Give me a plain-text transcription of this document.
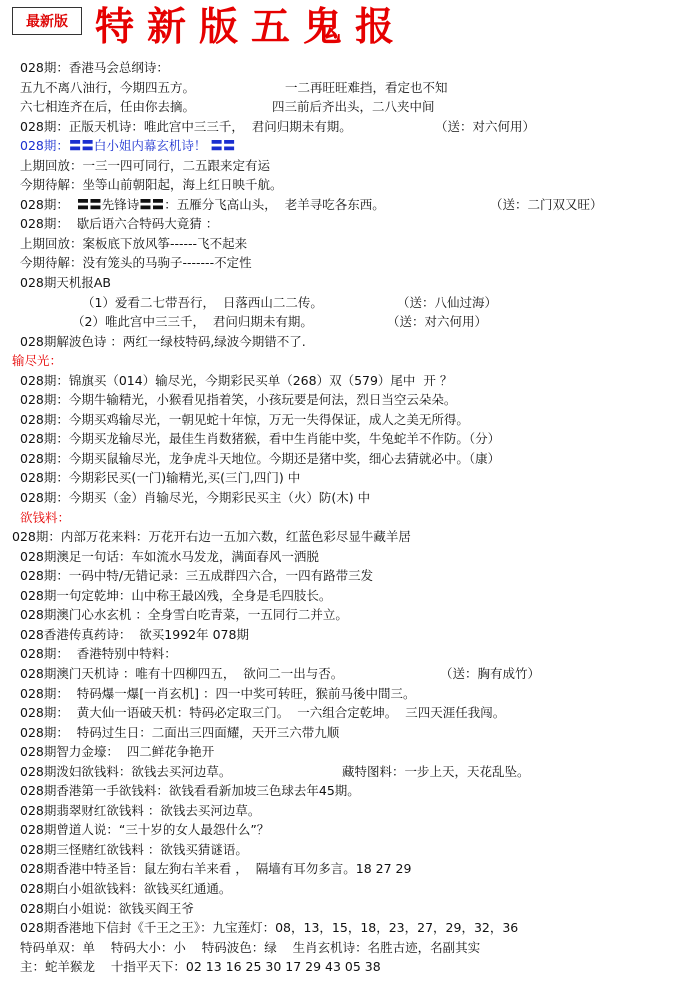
最新版 特新版五鬼报
028期：香港马会总纲诗：
五九不离八油行，今期四五方。	一二再旺旺难挡，看定也不知
六七相连齐在后，任由你去摘。	四三前后齐出头，二八夹中间
028期：正版天机诗：唯此宫中三三千，  君问归期未有期。	（送：对六何用）
028期：〓〓白小姐内幕玄机诗！ 〓〓
上期回放：一三一四可同行，二五跟来定有运
今期待解：坐等山前朝阳起，海上红日映千航。
028期：  〓〓先锋诗〓〓：五雁分飞高山头，  老羊寻吃各东西。	（送：二门双又旺）
028期：  歇后语六合特码大竟猜 ：
上期回放：案板底下放风筝------飞不起来
今期待解：没有笼头的马驹子-------不定性
028期天机报AB
（1）爱看二七带吾行，  日落西山二二传。	（送：八仙过海）
（2）唯此宫中三三千，  君问归期未有期。	（送：对六何用）
028期解波色诗 ：两红一绿枝特码,绿波今期错不了.
输尽光：
028期：锦旗买（014）输尽光，今期彩民买单（268）双（579）尾中  开 ？
028期：今期牛输精光，小猴看见指着笑，小孩玩要是何法，烈日当空云朵朵。
028期：今期买鸡输尽光，一朝见蛇十年惊，万无一失得保证，成人之美无所得。
028期：今期买龙输尽光，最佳生肖数猪猴，看中生肖能中奖，牛兔蛇羊不作防。（分）
028期：今期买鼠输尽光，龙争虎斗天地位。今期还是猪中奖，细心去猜就必中。（康）
028期：今期彩民买(一门)输精光,买(三门,四门) 中
028期：今期买（金）肖输尽光，今期彩民买主（火）防(木) 中
欲钱料：
028期：内部万花来料：万花开右边一五加六数，红蓝色彩尽显牛藏羊居
028期澳足一句话：车如流水马发龙，满面春风一洒脱
028期：一码中特/无错记录：三五成群四六合，一四有路带三发
028期一句定乾坤：山中称王最凶残，全身是毛四肢长。
028期澳门心水玄机 ：全身雪白吃青菜，一五同行二并立。
028香港传真药诗：  欲买1992年 078期
028期：  香港特别中特料：
028期澳门天机诗 ：唯有十四柳四五，  欲问二一出与否。	（送：胸有成竹）
028期：  特码爆一爆[一肖玄机] ：四一中奖可转旺，猴前马後中間三。
028期：  黄大仙一语破天机：特码必定取三门。  一六组合定乾坤。  三四天涯任我闯。
028期：  特码过生日：二面出三四面耀，天开三六带九顺
028期智力金壕：  四二鲜花争艳开
028期泼妇欲钱料：欲钱去买河边草。	藏特图料：一步上天，天花乱坠。
028期香港第一手欲钱料：欲钱看看新加坡三色球去年45期。
028期翡翠财红欲钱料 ：欲钱去买河边草。
028期曾道人说：“三十岁的女人最怨什么”？
028期三怪赌红欲钱料 ：欲钱买猜谜语。
028期香港中特圣旨：鼠左狗右羊来看 ，  隔墙有耳勿多言。18 27 29
028期白小姐欲钱料：欲钱买红通通。
028期白小姐说：欲钱买阎王爷
028期香港地下信封《千王之王》：九宝莲灯：08，13，15，18，23，27，29，32，36
特码单双：单    特码大小：小    特码波色：绿    生肖玄机诗：名胜古迹，名副其实
主：蛇羊猴龙    十指平天下：02 13 16 25 30 17 29 43 05 38
